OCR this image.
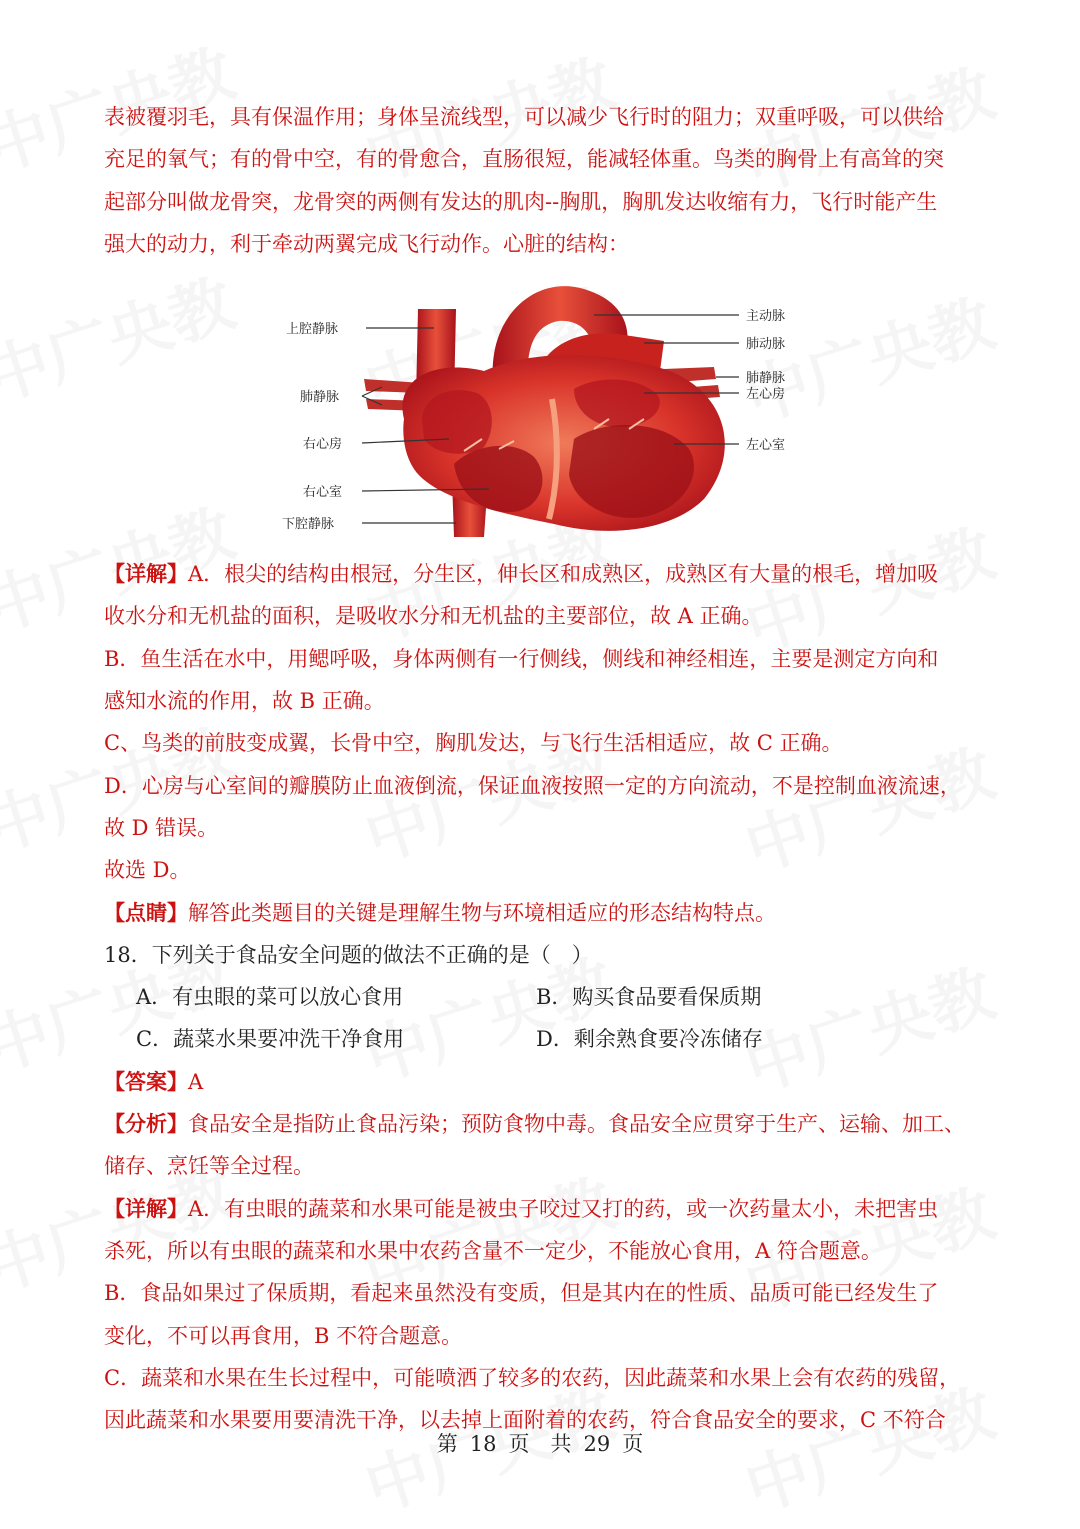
表被覆羽毛，具有保温作用；身体呈流线型，可以减少飞行时的阻力；双重呼吸，可以供给

充足的氧气；有的骨中空，有的骨愈合，直肠很短，能减轻体重。鸟类的胸骨上有高耸的突

起部分叫做龙骨突，龙骨突的两侧有发达的肌肉--胸肌，胸肌发达收缩有力，飞行时能产生

强大的动力，利于牵动两翼完成飞行动作。心脏的结构：

上腔静脉
肺静脉
右心房
右心室
下腔静脉
主动脉
肺动脉
肺静脉
左心房
左心室

【详解】A．根尖的结构由根冠，分生区，伸长区和成熟区，成熟区有大量的根毛，增加吸

收水分和无机盐的面积，是吸收水分和无机盐的主要部位，故 A 正确。

B．鱼生活在水中，用鳃呼吸，身体两侧有一行侧线，侧线和神经相连，主要是测定方向和

感知水流的作用，故 B 正确。

C、鸟类的前肢变成翼，长骨中空，胸肌发达，与飞行生活相适应，故 C 正确。

D．心房与心室间的瓣膜防止血液倒流，保证血液按照一定的方向流动，不是控制血液流速，

故 D 错误。

故选 D。

【点睛】解答此类题目的关键是理解生物与环境相适应的形态结构特点。

18．下列关于食品安全问题的做法不正确的是（　）

A．有虫眼的菜可以放心食用	B．购买食品要看保质期
C．蔬菜水果要冲洗干净食用	D．剩余熟食要冷冻储存

【答案】A

【分析】食品安全是指防止食品污染；预防食物中毒。食品安全应贯穿于生产、运输、加工、

储存、烹饪等全过程。

【详解】A．有虫眼的蔬菜和水果可能是被虫子咬过又打的药，或一次药量太小，未把害虫

杀死，所以有虫眼的蔬菜和水果中农药含量不一定少，不能放心食用，A 符合题意。

B．食品如果过了保质期，看起来虽然没有变质，但是其内在的性质、品质可能已经发生了

变化，不可以再食用，B 不符合题意。

C．蔬菜和水果在生长过程中，可能喷洒了较多的农药，因此蔬菜和水果上会有农药的残留，

因此蔬菜和水果要用要清洗干净，以去掉上面附着的农药，符合食品安全的要求，C 不符合

第 18 页　共 29 页
